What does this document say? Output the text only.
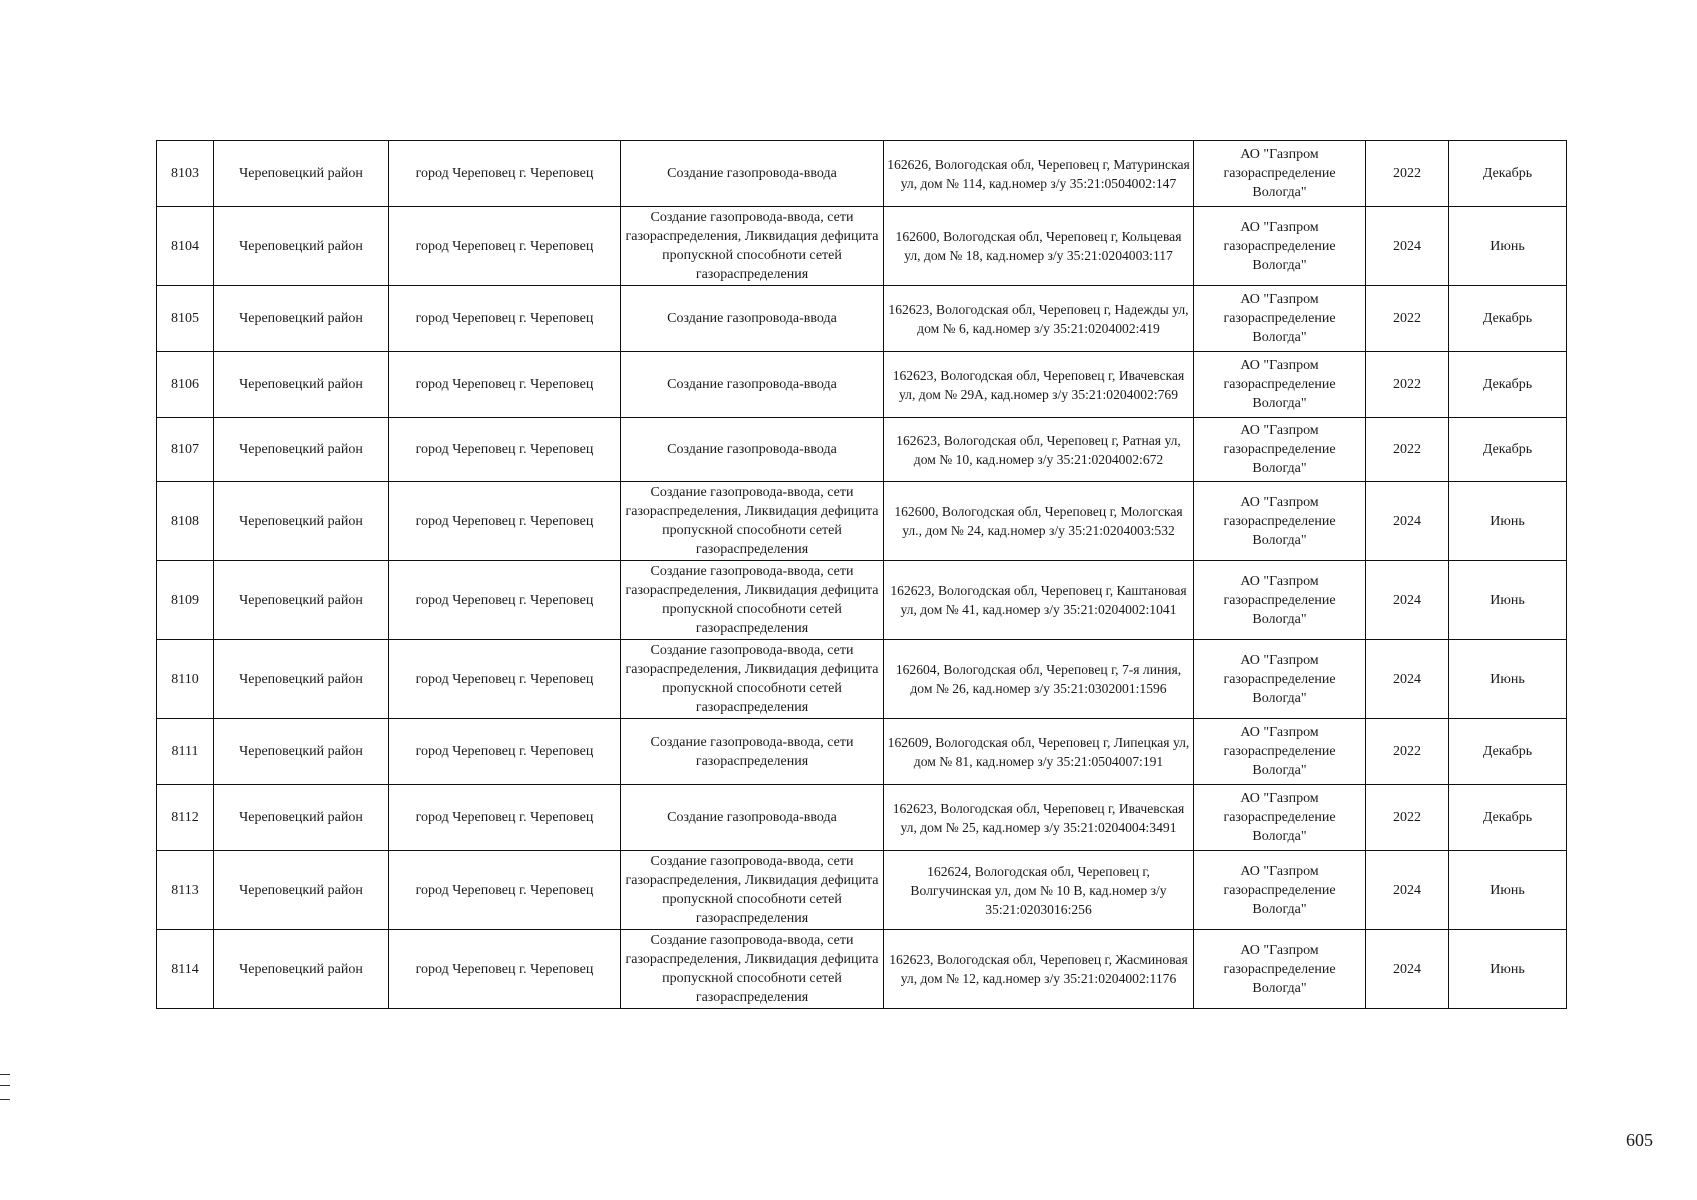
8103	Череповецкий район	город Череповец г. Череповец	Создание газопровода-ввода	162626, Вологодская обл, Череповец г, Матуринская ул, дом № 114, кад.номер з/у 35:21:0504002:147	АО "Газпром газораспределение Вологда"	2022	Декабрь
8104	Череповецкий район	город Череповец г. Череповец	Создание газопровода-ввода, сети газораспределения, Ликвидация дефицита пропускной способноти сетей газораспределения	162600, Вологодская обл, Череповец г, Кольцевая ул, дом № 18, кад.номер з/у 35:21:0204003:117	АО "Газпром газораспределение Вологда"	2024	Июнь
8105	Череповецкий район	город Череповец г. Череповец	Создание газопровода-ввода	162623, Вологодская обл, Череповец г, Надежды ул, дом № 6, кад.номер з/у 35:21:0204002:419	АО "Газпром газораспределение Вологда"	2022	Декабрь
8106	Череповецкий район	город Череповец г. Череповец	Создание газопровода-ввода	162623, Вологодская обл, Череповец г, Ивачевская ул, дом № 29А, кад.номер з/у 35:21:0204002:769	АО "Газпром газораспределение Вологда"	2022	Декабрь
8107	Череповецкий район	город Череповец г. Череповец	Создание газопровода-ввода	162623, Вологодская обл, Череповец г, Ратная ул, дом № 10, кад.номер з/у 35:21:0204002:672	АО "Газпром газораспределение Вологда"	2022	Декабрь
8108	Череповецкий район	город Череповец г. Череповец	Создание газопровода-ввода, сети газораспределения, Ликвидация дефицита пропускной способноти сетей газораспределения	162600, Вологодская обл, Череповец г, Мологская ул., дом № 24, кад.номер з/у 35:21:0204003:532	АО "Газпром газораспределение Вологда"	2024	Июнь
8109	Череповецкий район	город Череповец г. Череповец	Создание газопровода-ввода, сети газораспределения, Ликвидация дефицита пропускной способноти сетей газораспределения	162623, Вологодская обл, Череповец г, Каштановая ул, дом № 41, кад.номер з/у 35:21:0204002:1041	АО "Газпром газораспределение Вологда"	2024	Июнь
8110	Череповецкий район	город Череповец г. Череповец	Создание газопровода-ввода, сети газораспределения, Ликвидация дефицита пропускной способноти сетей газораспределения	162604, Вологодская обл, Череповец г, 7-я линия, дом № 26, кад.номер з/у 35:21:0302001:1596	АО "Газпром газораспределение Вологда"	2024	Июнь
8111	Череповецкий район	город Череповец г. Череповец	Создание газопровода-ввода, сети газораспределения	162609, Вологодская обл, Череповец г, Липецкая ул, дом № 81, кад.номер з/у 35:21:0504007:191	АО "Газпром газораспределение Вологда"	2022	Декабрь
8112	Череповецкий район	город Череповец г. Череповец	Создание газопровода-ввода	162623, Вологодская обл, Череповец г, Ивачевская ул, дом № 25, кад.номер з/у 35:21:0204004:3491	АО "Газпром газораспределение Вологда"	2022	Декабрь
8113	Череповецкий район	город Череповец г. Череповец	Создание газопровода-ввода, сети газораспределения, Ликвидация дефицита пропускной способноти сетей газораспределения	162624, Вологодская обл, Череповец г, Волгучинская ул, дом № 10 В, кад.номер з/у 35:21:0203016:256	АО "Газпром газораспределение Вологда"	2024	Июнь
8114	Череповецкий район	город Череповец г. Череповец	Создание газопровода-ввода, сети газораспределения, Ликвидация дефицита пропускной способноти сетей газораспределения	162623, Вологодская обл, Череповец г, Жасминовая ул, дом № 12, кад.номер з/у 35:21:0204002:1176	АО "Газпром газораспределение Вологда"	2024	Июнь
605
